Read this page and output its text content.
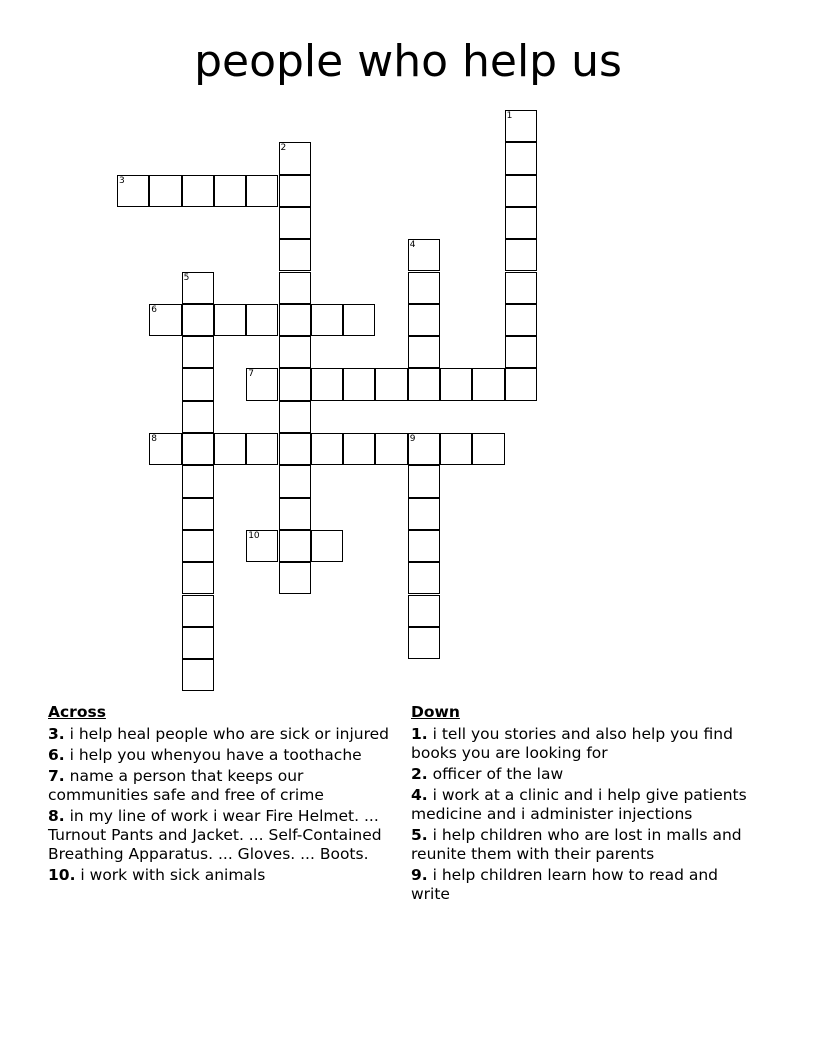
people who help us
1
2
3
4
5
6
7
8	9
10
Across
3. i help heal people who are sick or injured
6. i help you whenyou have a toothache
7. name a person that keeps our communities safe and free of crime
8. in my line of work i wear Fire Helmet. ... Turnout Pants and Jacket. ... Self-Contained Breathing Apparatus. ... Gloves. ... Boots.
10. i work with sick animals
Down
1. i tell you stories and also help you find books you are looking for
2. officer of the law
4. i work at a clinic and i help give patients medicine and i administer injections
5. i help children who are lost in malls and reunite them with their parents
9. i help children learn how to read and write
